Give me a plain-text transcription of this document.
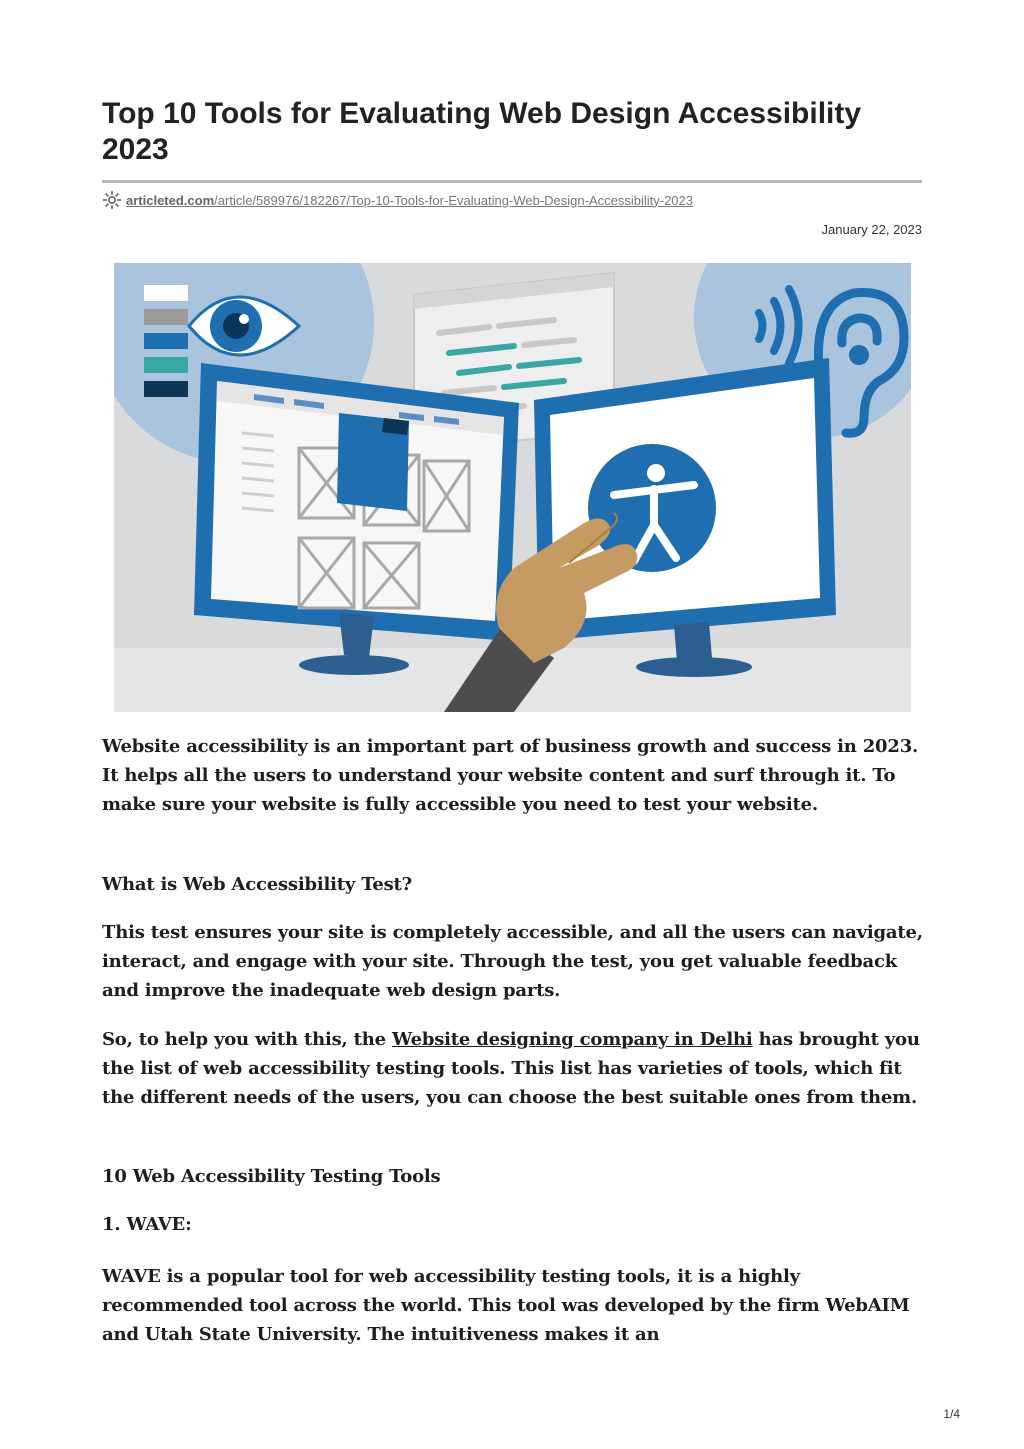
Top 10 Tools for Evaluating Web Design Accessibility 2023
articleted.com/article/589976/182267/Top-10-Tools-for-Evaluating-Web-Design-Accessibility-2023
January 22, 2023

Website accessibility is an important part of business growth and success in 2023. It helps all the users to understand your website content and surf through it. To make sure your website is fully accessible you need to test your website.

What is Web Accessibility Test?

This test ensures your site is completely accessible, and all the users can navigate, interact, and engage with your site. Through the test, you get valuable feedback and improve the inadequate web design parts.

So, to help you with this, the Website designing company in Delhi has brought you the list of web accessibility testing tools. This list has varieties of tools, which fit the different needs of the users, you can choose the best suitable ones from them.

10 Web Accessibility Testing Tools

1. WAVE:

WAVE is a popular tool for web accessibility testing tools, it is a highly recommended tool across the world. This tool was developed by the firm WebAIM and Utah State University. The intuitiveness makes it an

1/4
